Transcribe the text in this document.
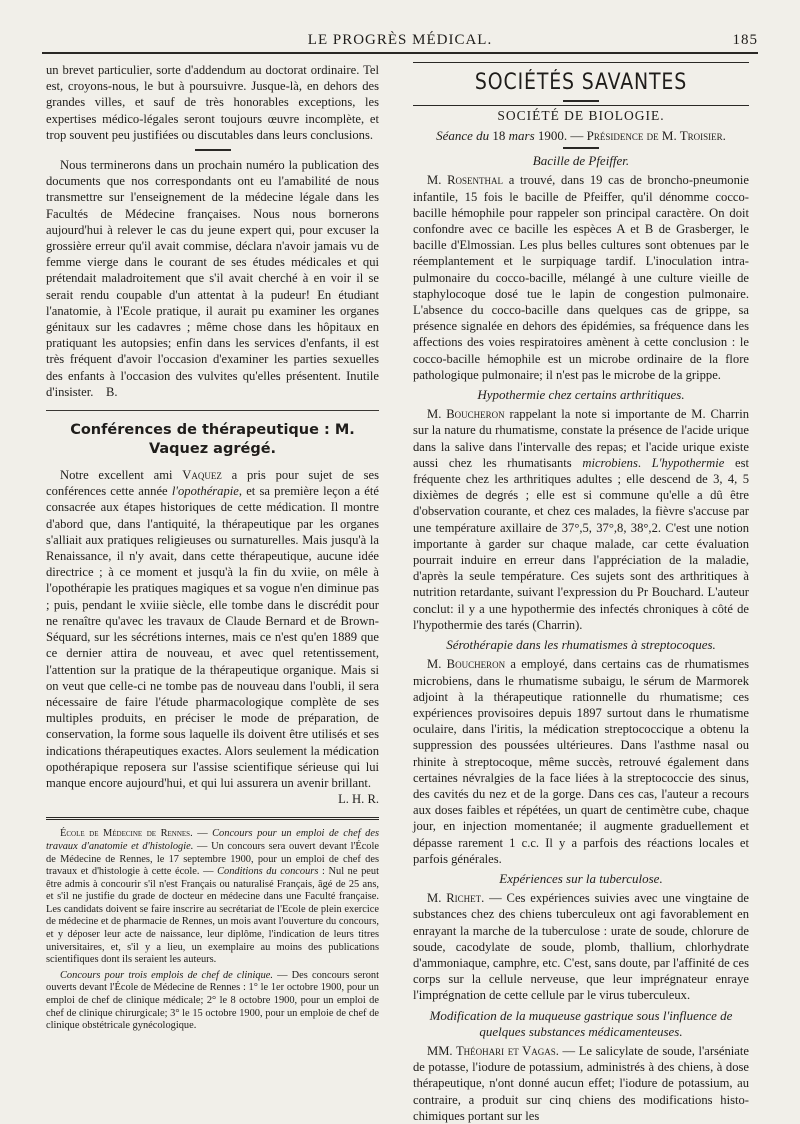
LE PROGRÈS MÉDICAL.	185

un brevet particulier, sorte d'addendum au doctorat ordinaire. Tel est, croyons-nous, le but à poursuivre. Jusque-là, en dehors des grandes villes, et sauf de très honorables exceptions, les expertises médico-légales seront toujours œuvre incomplète, et trop souvent peu justifiées ou discutables dans leurs conclusions.

Nous terminerons dans un prochain numéro la publication des documents que nos correspondants ont eu l'amabilité de nous transmettre sur l'enseignement de la médecine légale dans les Facultés de Médecine françaises. Nous nous bornerons aujourd'hui à relever le cas du jeune expert qui, pour excuser la grossière erreur qu'il avait commise, déclara n'avoir jamais vu de femme vierge dans le courant de ses études médicales et qui prétendait maladroitement que s'il avait cherché à en voir il se serait rendu coupable d'un attentat à la pudeur! En étudiant l'anatomie, à l'Ecole pratique, il aurait pu examiner les organes génitaux sur les cadavres ; même chose dans les hôpitaux en pratiquant les autopsies; enfin dans les services d'enfants, il est très fréquent d'avoir l'occasion d'examiner les parties sexuelles des enfants à l'occasion des vulvites qu'elles présentent. Inutile d'insister. B.

Conférences de thérapeutique : M. Vaquez agrégé.

Notre excellent ami Vaquez a pris pour sujet de ses conférences cette année l'opothérapie, et sa première leçon a été consacrée aux étapes historiques de cette médication. Il montre d'abord que, dans l'antiquité, la thérapeutique par les organes s'alliait aux pratiques religieuses ou surnaturelles. Mais jusqu'à la Renaissance, il n'y avait, dans cette thérapeutique, aucune idée directrice ; à ce moment et jusqu'à la fin du xviie, on mêle à l'opothérapie les pratiques magiques et sa vogue n'en diminue pas ; puis, pendant le xviiie siècle, elle tombe dans le discrédit pour ne renaître qu'avec les travaux de Claude Bernard et de Brown-Séquard, sur les sécrétions internes, mais ce n'est qu'en 1889 que ce dernier attira de nouveau, et avec quel retentissement, l'attention sur la pratique de la thérapeutique organique. Mais si on veut que celle-ci ne tombe pas de nouveau dans l'oubli, il sera nécessaire de faire l'étude pharmacologique complète de ses multiples produits, en préciser le mode de préparation, de conservation, la forme sous laquelle ils doivent être utilisés et ses indications thérapeutiques exactes. Alors seulement la médication opothérapique reposera sur l'assise scientifique sérieuse qui lui manque encore aujourd'hui, et qui lui assurera un avenir brillant.

L. H. R.

École de Médecine de Rennes. — Concours pour un emploi de chef des travaux d'anatomie et d'histologie. — Un concours sera ouvert devant l'École de Médecine de Rennes, le 17 septembre 1900, pour un emploi de chef des travaux et d'histologie à cette école. — Conditions du concours : Nul ne peut être admis à concourir s'il n'est Français ou naturalisé Français, âgé de 25 ans, et s'il ne justifie du grade de docteur en médecine dans une Faculté française. Les candidats doivent se faire inscrire au secrétariat de l'Ecole de plein exercice de médecine et de pharmacie de Rennes, un mois avant l'ouverture du concours, et y déposer leur acte de naissance, leur diplôme, l'indication de leurs titres universitaires, et, s'il y a lieu, un exemplaire au moins des publications scientifiques dont ils seraient les auteurs.

Concours pour trois emplois de chef de clinique. — Des concours seront ouverts devant l'École de Médecine de Rennes : 1° le 1er octobre 1900, pour un emploi de chef de clinique médicale; 2° le 8 octobre 1900, pour un emploi de chef de clinique chirurgicale; 3° le 15 octobre 1900, pour un emploie de chef de clinique obstétricale gynécologique.

SOCIÉTÉS SAVANTES
SOCIÉTÉ DE BIOLOGIE.
Séance du 18 mars 1900. — Présidence de M. Troisier.
Bacille de Pfeiffer.

M. Rosenthal a trouvé, dans 19 cas de broncho-pneumonie infantile, 15 fois le bacille de Pfeiffer, qu'il dénomme cocco-bacille hémophile pour rappeler son principal caractère. On doit confondre avec ce bacille les espèces A et B de Grasberger, le bacille d'Elmossian. Les plus belles cultures sont obtenues par le réemplantement et le surpiquage tardif. L'inoculation intra-pulmonaire du cocco-bacille, mélangé à une culture vieille de staphylocoque dosé tue le lapin de congestion pulmonaire. L'absence du cocco-bacille dans quelques cas de grippe, sa présence signalée en dehors des épidémies, sa fréquence dans les affections des voies respiratoires amènent à cette conclusion : le cocco-bacille hémophile est un microbe ordinaire de la flore pathologique pulmonaire; il n'est pas le microbe de la grippe.

Hypothermie chez certains arthritiques.

M. Boucheron rappelant la note si importante de M. Charrin sur la nature du rhumatisme, constate la présence de l'acide urique dans la salive dans l'intervalle des repas; et l'acide urique existe aussi chez les rhumatisants microbiens. L'hypothermie est fréquente chez les arthritiques adultes ; elle descend de 3, 4, 5 dixièmes de degrés ; elle est si commune qu'elle a dû être d'observation courante, et chez ces malades, la fièvre s'accuse par une température axillaire de 37°,5, 37°,8, 38°,2. C'est une notion importante à garder sur chaque malade, car cette évaluation pourrait induire en erreur dans l'appréciation de la maladie, d'après la seule température. Ces sujets sont des arthritiques à nutrition retardante, suivant l'expression du Pr Bouchard. L'auteur conclut: il y a une hypothermie des infectés chroniques à côté de l'hypothermie des tarés (Charrin).

Sérothérapie dans les rhumatismes à streptocoques.

M. Boucheron a employé, dans certains cas de rhumatismes microbiens, dans le rhumatisme subaigu, le sérum de Marmorek adjoint à la thérapeutique rationnelle du rhumatisme; ces expériences provisoires depuis 1897 surtout dans le rhumatisme oculaire, dans l'iritis, la médication streptococcique a obtenu la suppression des poussées ultérieures. Dans l'asthme nasal ou rhinite à streptocoque, même succès, retrouvé également dans certaines névralgies de la face liées à la streptococcie des sinus, des cavités du nez et de la gorge. Dans ces cas, l'auteur a recours aux doses faibles et répétées, un quart de centimètre cube, chaque jour, en injection momentanée; il augmente graduellement et dépasse rarement 1 c.c. Il y a parfois des réactions locales et parfois générales.

Expériences sur la tuberculose.

M. Richet. — Ces expériences suivies avec une vingtaine de substances chez des chiens tuberculeux ont agi favorablement en enrayant la marche de la tuberculose : urate de soude, chlorure de soude, cacodylate de soude, plomb, thallium, chlorhydrate d'ammoniaque, camphre, etc. C'est, sans doute, par l'affinité de ces corps sur la cellule nerveuse, que leur imprégnateur enraye l'imprégnation de cette cellule par le virus tuberculeux.

Modification de la muqueuse gastrique sous l'influence de quelques substances médicamenteuses.

MM. Théohari et Vagas. — Le salicylate de soude, l'arséniate de potasse, l'iodure de potassium, administrés à des chiens, à dose thérapeutique, n'ont donné aucun effet; l'iodure de potassium, au contraire, a produit sur cinq chiens des modifications histo-chimiques portant sur les
